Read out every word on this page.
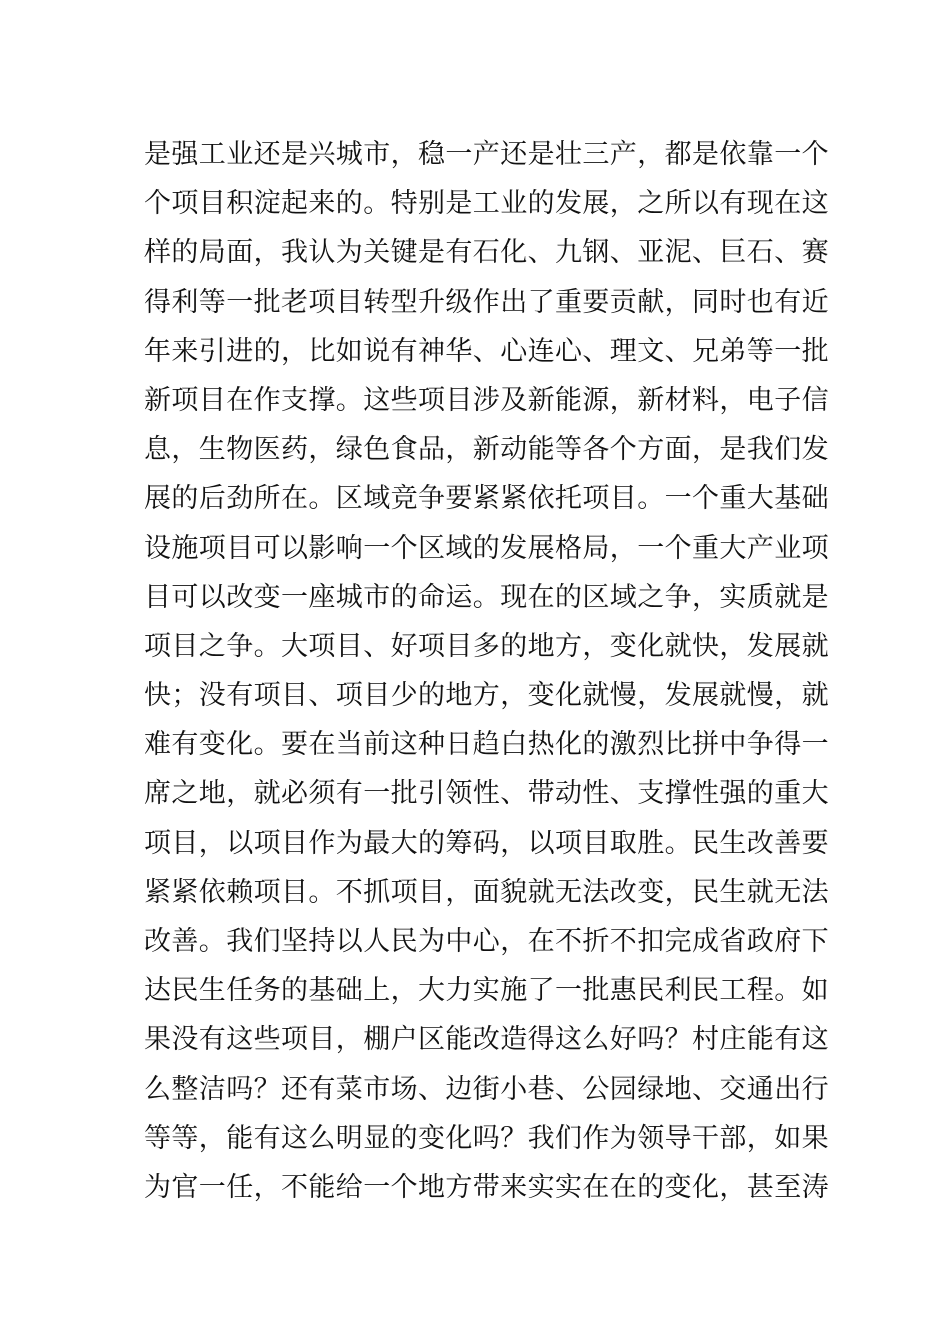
是强工业还是兴城市，稳一产还是壮三产，都是依靠一个
个项目积淀起来的。特别是工业的发展，之所以有现在这
样的局面，我认为关键是有石化、九钢、亚泥、巨石、赛
得利等一批老项目转型升级作出了重要贡献，同时也有近
年来引进的，比如说有神华、心连心、理文、兄弟等一批
新项目在作支撑。这些项目涉及新能源，新材料，电子信
息，生物医药，绿色食品，新动能等各个方面，是我们发
展的后劲所在。区域竞争要紧紧依托项目。一个重大基础
设施项目可以影响一个区域的发展格局，一个重大产业项
目可以改变一座城市的命运。现在的区域之争，实质就是
项目之争。大项目、好项目多的地方，变化就快，发展就
快；没有项目、项目少的地方，变化就慢，发展就慢，就
难有变化。要在当前这种日趋白热化的激烈比拼中争得一
席之地，就必须有一批引领性、带动性、支撑性强的重大
项目，以项目作为最大的筹码，以项目取胜。民生改善要
紧紧依赖项目。不抓项目，面貌就无法改变，民生就无法
改善。我们坚持以人民为中心，在不折不扣完成省政府下
达民生任务的基础上，大力实施了一批惠民利民工程。如
果没有这些项目，棚户区能改造得这么好吗？村庄能有这
么整洁吗？还有菜市场、边街小巷、公园绿地、交通出行
等等，能有这么明显的变化吗？我们作为领导干部，如果
为官一任，不能给一个地方带来实实在在的变化，甚至涛
